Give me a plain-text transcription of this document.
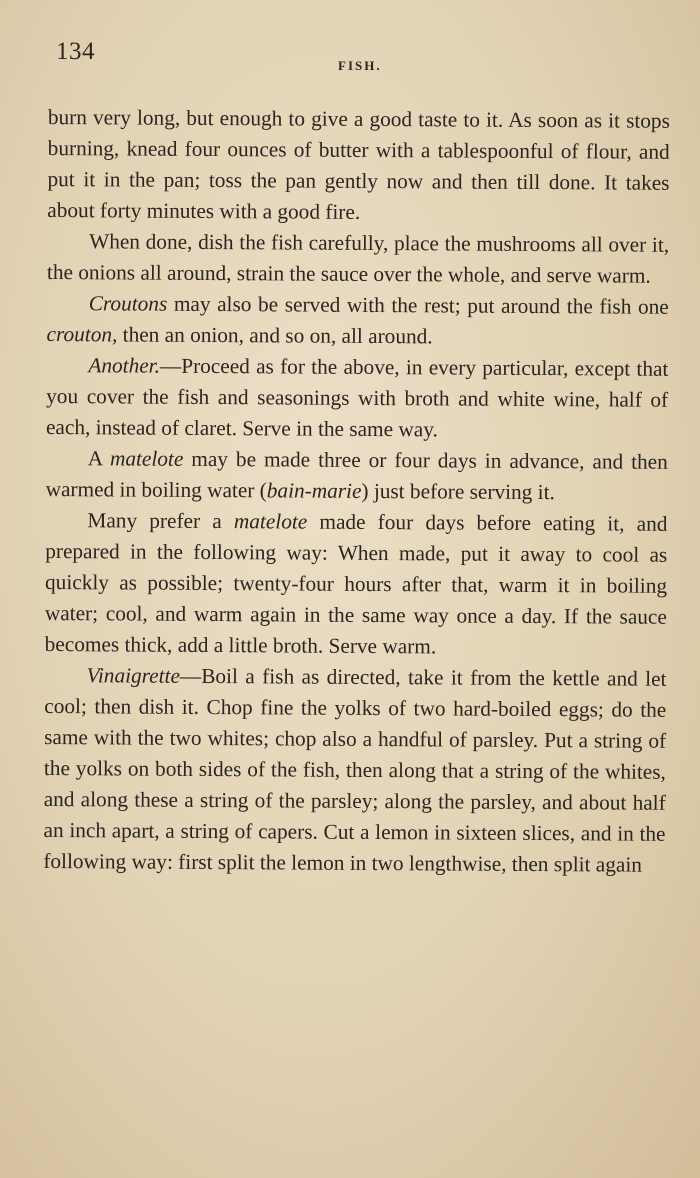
134
FISH.

burn very long, but enough to give a good taste to it. As soon as it stops burning, knead four ounces of butter with a tablespoonful of flour, and put it in the pan; toss the pan gently now and then till done. It takes about forty minutes with a good fire.

When done, dish the fish carefully, place the mushrooms all over it, the onions all around, strain the sauce over the whole, and serve warm.

Croutons may also be served with the rest; put around the fish one crouton, then an onion, and so on, all around.

Another.—Proceed as for the above, in every particular, except that you cover the fish and seasonings with broth and white wine, half of each, instead of claret. Serve in the same way.

A matelote may be made three or four days in advance, and then warmed in boiling water (bain-marie) just before serving it.

Many prefer a matelote made four days before eating it, and prepared in the following way: When made, put it away to cool as quickly as possible; twenty-four hours after that, warm it in boiling water; cool, and warm again in the same way once a day. If the sauce becomes thick, add a little broth. Serve warm.

Vinaigrette—Boil a fish as directed, take it from the kettle and let cool; then dish it. Chop fine the yolks of two hard-boiled eggs; do the same with the two whites; chop also a handful of parsley. Put a string of the yolks on both sides of the fish, then along that a string of the whites, and along these a string of the parsley; along the parsley, and about half an inch apart, a string of capers. Cut a lemon in sixteen slices, and in the following way: first split the lemon in two lengthwise, then split again
